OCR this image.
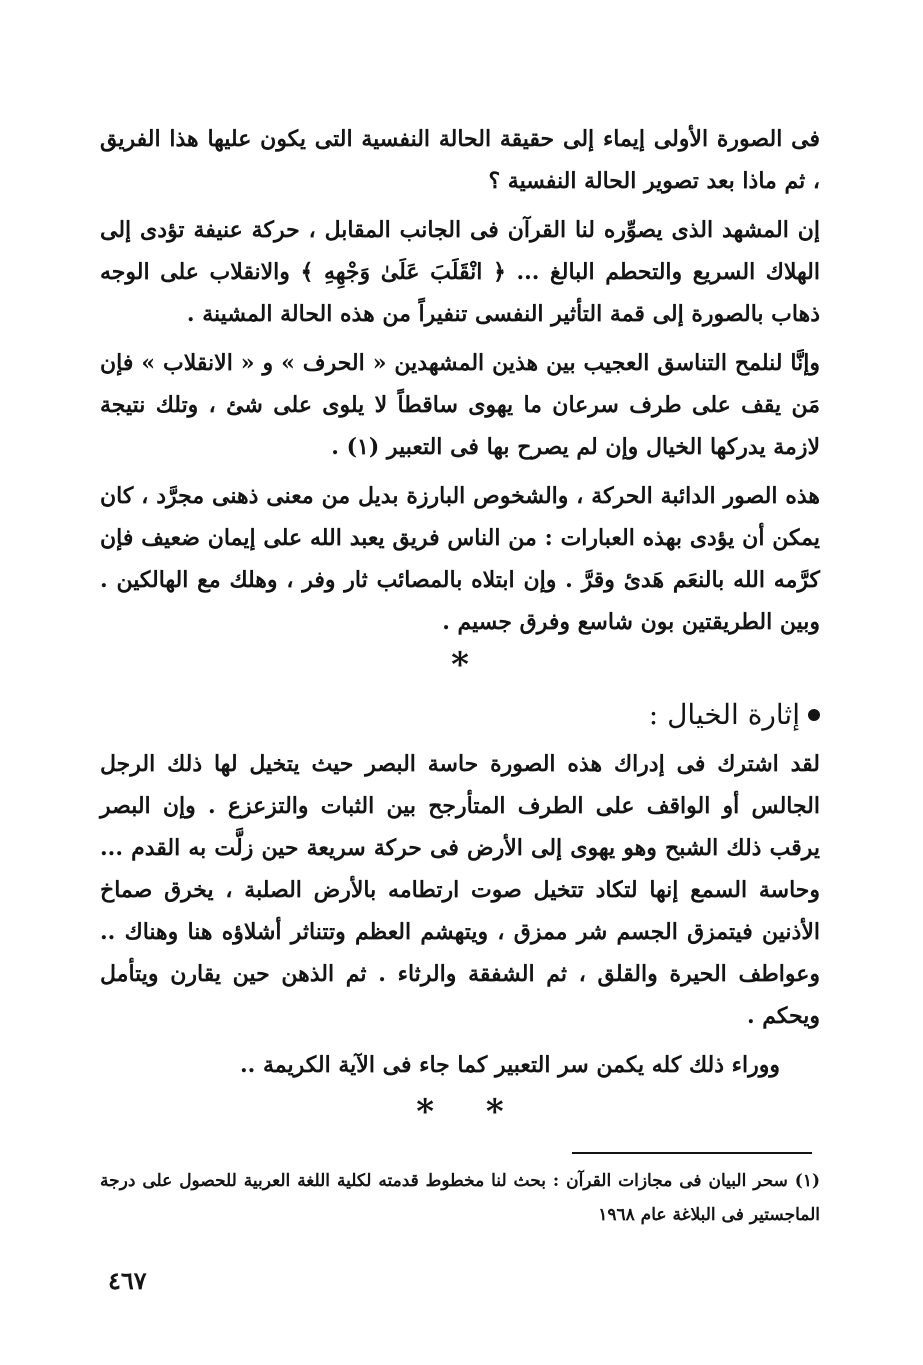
فى الصورة الأولى إيماء إلى حقيقة الحالة النفسية التى يكون عليها هذا الفريق ، ثم ماذا بعد تصوير الحالة النفسية ؟

إن المشهد الذى يصوِّره لنا القرآن فى الجانب المقابل ، حركة عنيفة تؤدى إلى الهلاك السريع والتحطم البالغ ... ﴿ انْقَلَبَ عَلَىٰ وَجْهِهِ ﴾ والانقلاب على الوجه ذهاب بالصورة إلى قمة التأثير النفسى تنفيراً من هذه الحالة المشينة .

وإنَّا لنلمح التناسق العجيب بين هذين المشهدين « الحرف » و « الانقلاب » فإن مَن يقف على طرف سرعان ما يهوى ساقطاً لا يلوى على شئ ، وتلك نتيجة لازمة يدركها الخيال وإن لم يصرح بها فى التعبير (١) .

هذه الصور الدائبة الحركة ، والشخوص البارزة بديل من معنى ذهنى مجرَّد ، كان يمكن أن يؤدى بهذه العبارات : من الناس فريق يعبد الله على إيمان ضعيف فإن كرَّمه الله بالنعَم هَدئ وقرَّ . وإن ابتلاه بالمصائب ثار وفر ، وهلك مع الهالكين . وبين الطريقتين بون شاسع وفرق جسيم .

*
إثارة الخيال :

لقد اشترك فى إدراك هذه الصورة حاسة البصر حيث يتخيل لها ذلك الرجل الجالس أو الواقف على الطرف المتأرجح بين الثبات والتزعزع . وإن البصر يرقب ذلك الشبح وهو يهوى إلى الأرض فى حركة سريعة حين زلَّت به القدم ... وحاسة السمع إنها لتكاد تتخيل صوت ارتطامه بالأرض الصلبة ، يخرق صماخ الأذنين فيتمزق الجسم شر ممزق ، ويتهشم العظم وتتناثر أشلاؤه هنا وهناك .. وعواطف الحيرة والقلق ، ثم الشفقة والرثاء . ثم الذهن حين يقارن ويتأمل ويحكم .

ووراء ذلك كله يكمن سر التعبير كما جاء فى الآية الكريمة ..

* *

(١) سحر البيان فى مجازات القرآن : بحث لنا مخطوط قدمته لكلية اللغة العربية للحصول على درجة الماجستير فى البلاغة عام ١٩٦٨

٤٦٧
